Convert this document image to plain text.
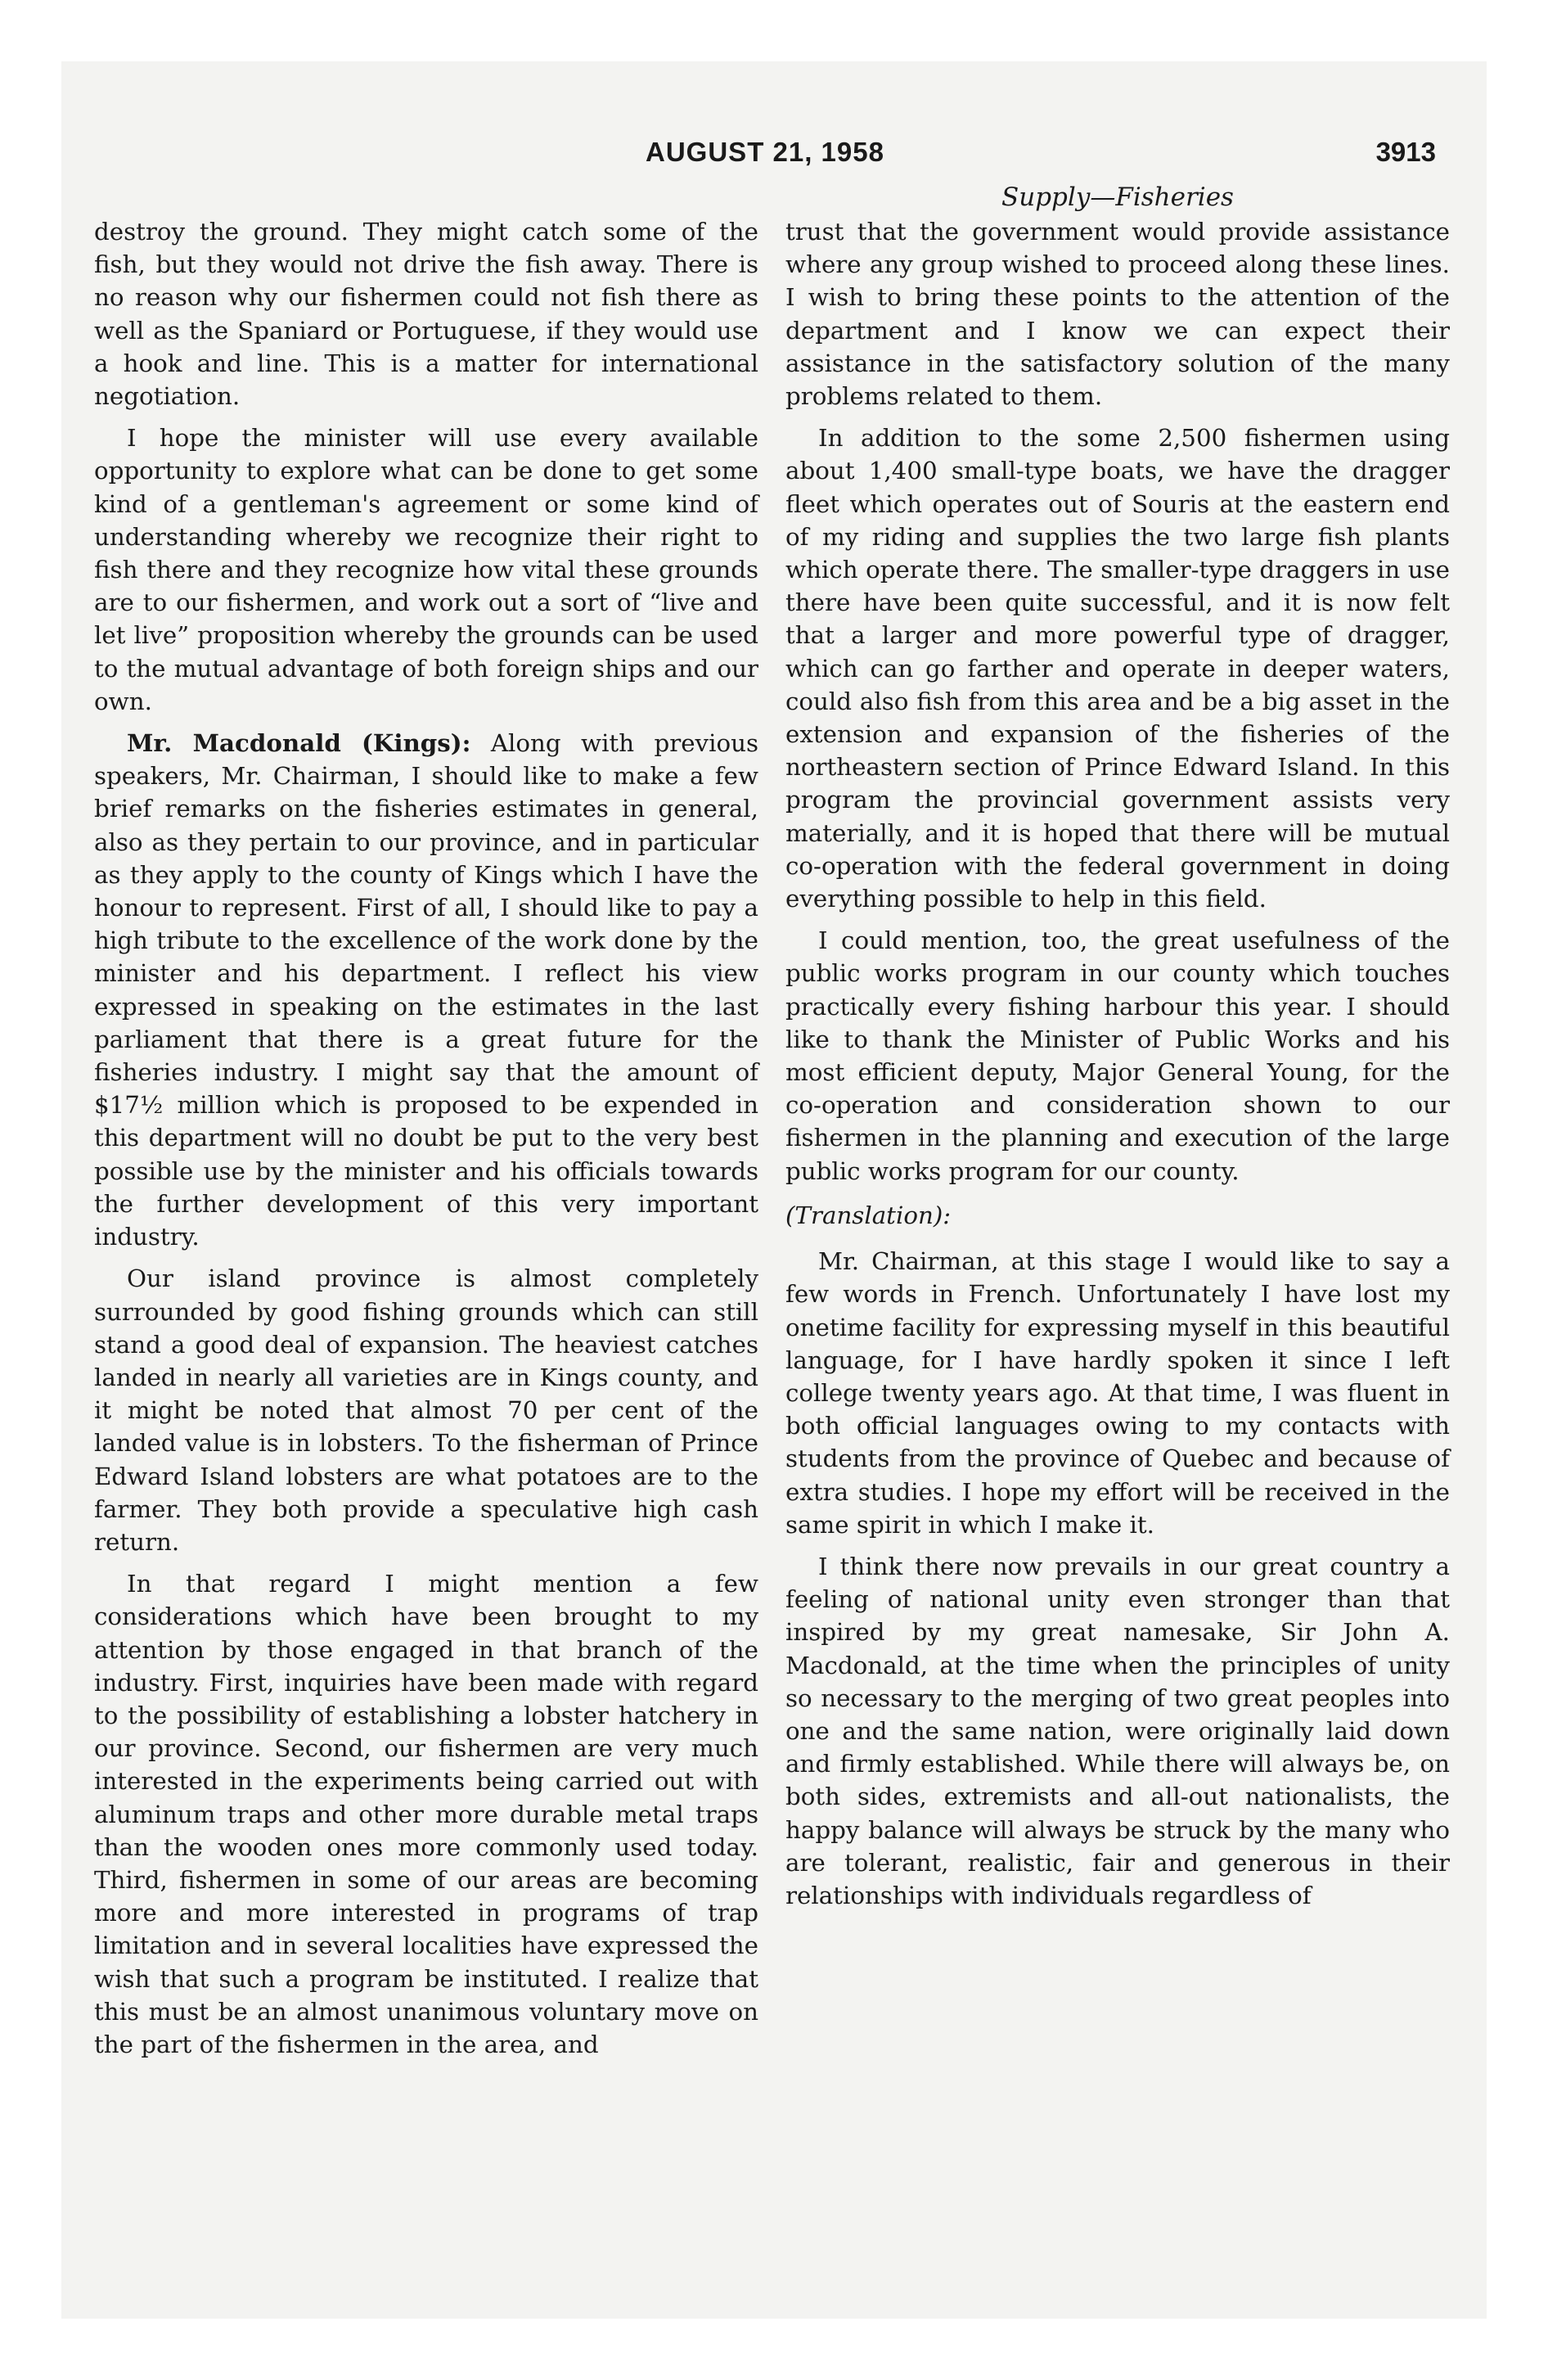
AUGUST 21, 1958	3913
Supply—Fisheries

destroy the ground. They might catch some of the fish, but they would not drive the fish away. There is no reason why our fishermen could not fish there as well as the Spaniard or Portuguese, if they would use a hook and line. This is a matter for international negotiation.

I hope the minister will use every available opportunity to explore what can be done to get some kind of a gentleman's agreement or some kind of understanding whereby we recognize their right to fish there and they recognize how vital these grounds are to our fishermen, and work out a sort of “live and let live” proposition whereby the grounds can be used to the mutual advantage of both foreign ships and our own.

Mr. Macdonald (Kings): Along with previous speakers, Mr. Chairman, I should like to make a few brief remarks on the fisheries estimates in general, also as they pertain to our province, and in particular as they apply to the county of Kings which I have the honour to represent. First of all, I should like to pay a high tribute to the excellence of the work done by the minister and his department. I reflect his view expressed in speaking on the estimates in the last parliament that there is a great future for the fisheries industry. I might say that the amount of $17½ million which is proposed to be expended in this department will no doubt be put to the very best possible use by the minister and his officials towards the further development of this very important industry.

Our island province is almost completely surrounded by good fishing grounds which can still stand a good deal of expansion. The heaviest catches landed in nearly all varieties are in Kings county, and it might be noted that almost 70 per cent of the landed value is in lobsters. To the fisherman of Prince Edward Island lobsters are what potatoes are to the farmer. They both provide a speculative high cash return.

In that regard I might mention a few considerations which have been brought to my attention by those engaged in that branch of the industry. First, inquiries have been made with regard to the possibility of establishing a lobster hatchery in our province. Second, our fishermen are very much interested in the experiments being carried out with aluminum traps and other more durable metal traps than the wooden ones more commonly used today. Third, fishermen in some of our areas are becoming more and more interested in programs of trap limitation and in several localities have expressed the wish that such a program be instituted. I realize that this must be an almost unanimous voluntary move on the part of the fishermen in the area, and

trust that the government would provide assistance where any group wished to proceed along these lines. I wish to bring these points to the attention of the department and I know we can expect their assistance in the satisfactory solution of the many problems related to them.

In addition to the some 2,500 fishermen using about 1,400 small-type boats, we have the dragger fleet which operates out of Souris at the eastern end of my riding and supplies the two large fish plants which operate there. The smaller-type draggers in use there have been quite successful, and it is now felt that a larger and more powerful type of dragger, which can go farther and operate in deeper waters, could also fish from this area and be a big asset in the extension and expansion of the fisheries of the northeastern section of Prince Edward Island. In this program the provincial government assists very materially, and it is hoped that there will be mutual co-operation with the federal government in doing everything possible to help in this field.

I could mention, too, the great usefulness of the public works program in our county which touches practically every fishing harbour this year. I should like to thank the Minister of Public Works and his most efficient deputy, Major General Young, for the co-operation and consideration shown to our fishermen in the planning and execution of the large public works program for our county.

(Translation):

Mr. Chairman, at this stage I would like to say a few words in French. Unfortunately I have lost my onetime facility for expressing myself in this beautiful language, for I have hardly spoken it since I left college twenty years ago. At that time, I was fluent in both official languages owing to my contacts with students from the province of Quebec and because of extra studies. I hope my effort will be received in the same spirit in which I make it.

I think there now prevails in our great country a feeling of national unity even stronger than that inspired by my great namesake, Sir John A. Macdonald, at the time when the principles of unity so necessary to the merging of two great peoples into one and the same nation, were originally laid down and firmly established. While there will always be, on both sides, extremists and all-out nationalists, the happy balance will always be struck by the many who are tolerant, realistic, fair and generous in their relationships with individuals regardless of
